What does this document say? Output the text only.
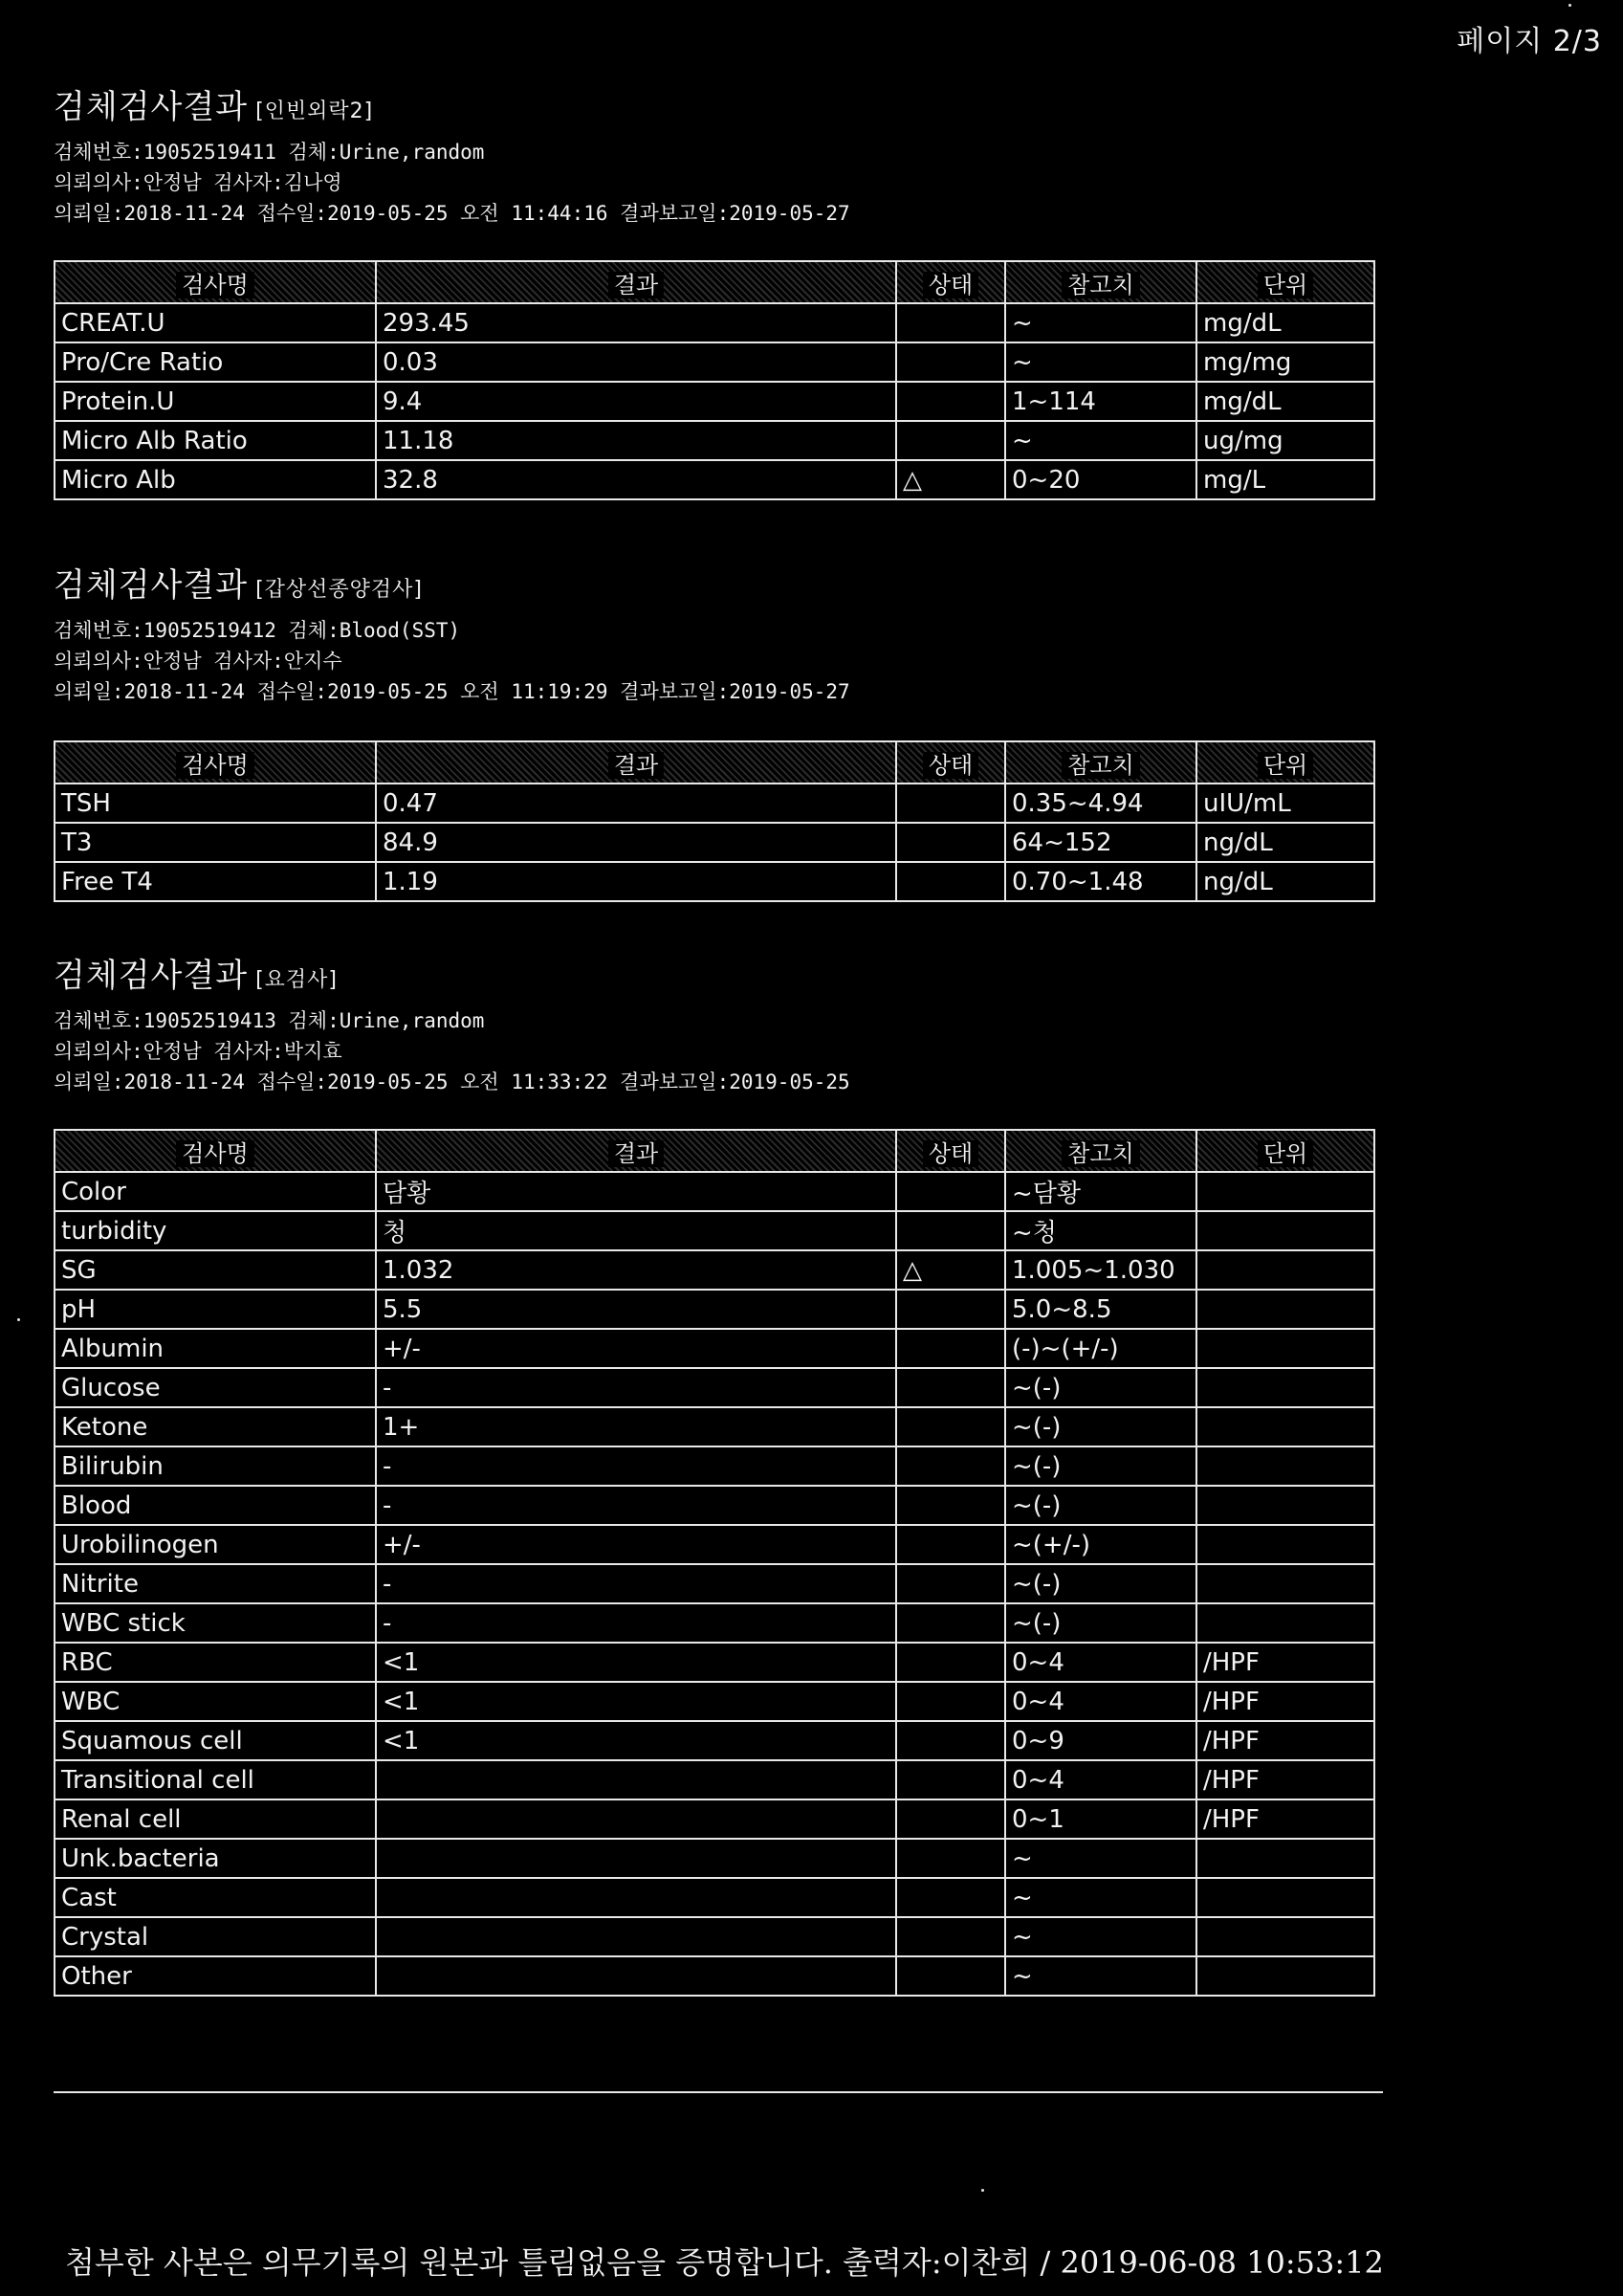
페이지 2/3
검체검사결과 [인빈외락2]
검체번호:19052519411 검체:Urine,random
의뢰의사:안정남 검사자:김나영
의뢰일:2018-11-24 접수일:2019-05-25 오전 11:44:16 결과보고일:2019-05-27
검사명	결과	상태	참고치	단위
CREAT.U	293.45		~	mg/dL
Pro/Cre Ratio	0.03		~	mg/mg
Protein.U	9.4		1~114	mg/dL
Micro Alb Ratio	11.18		~	ug/mg
Micro Alb	32.8	△	0~20	mg/L
검체검사결과 [갑상선종양검사]
검체번호:19052519412 검체:Blood(SST)
의뢰의사:안정남 검사자:안지수
의뢰일:2018-11-24 접수일:2019-05-25 오전 11:19:29 결과보고일:2019-05-27
검사명	결과	상태	참고치	단위
TSH	0.47		0.35~4.94	uIU/mL
T3	84.9		64~152	ng/dL
Free T4	1.19		0.70~1.48	ng/dL
검체검사결과 [요검사]
검체번호:19052519413 검체:Urine,random
의뢰의사:안정남 검사자:박지효
의뢰일:2018-11-24 접수일:2019-05-25 오전 11:33:22 결과보고일:2019-05-25
검사명	결과	상태	참고치	단위
Color	담황		~담황	
turbidity	청		~청	
SG	1.032	△	1.005~1.030	
pH	5.5		5.0~8.5	
Albumin	+/-		(-)~(+/-)	
Glucose	-		~(-)	
Ketone	1+		~(-)	
Bilirubin	-		~(-)	
Blood	-		~(-)	
Urobilinogen	+/-		~(+/-)	
Nitrite	-		~(-)	
WBC stick	-		~(-)	
RBC	<1		0~4	/HPF
WBC	<1		0~4	/HPF
Squamous cell	<1		0~9	/HPF
Transitional cell			0~4	/HPF
Renal cell			0~1	/HPF
Unk.bacteria			~	
Cast			~	
Crystal			~	
Other			~	
첨부한 사본은 의무기록의 원본과 틀림없음을 증명합니다. 출력자:이찬희 / 2019-06-08 10:53:12
